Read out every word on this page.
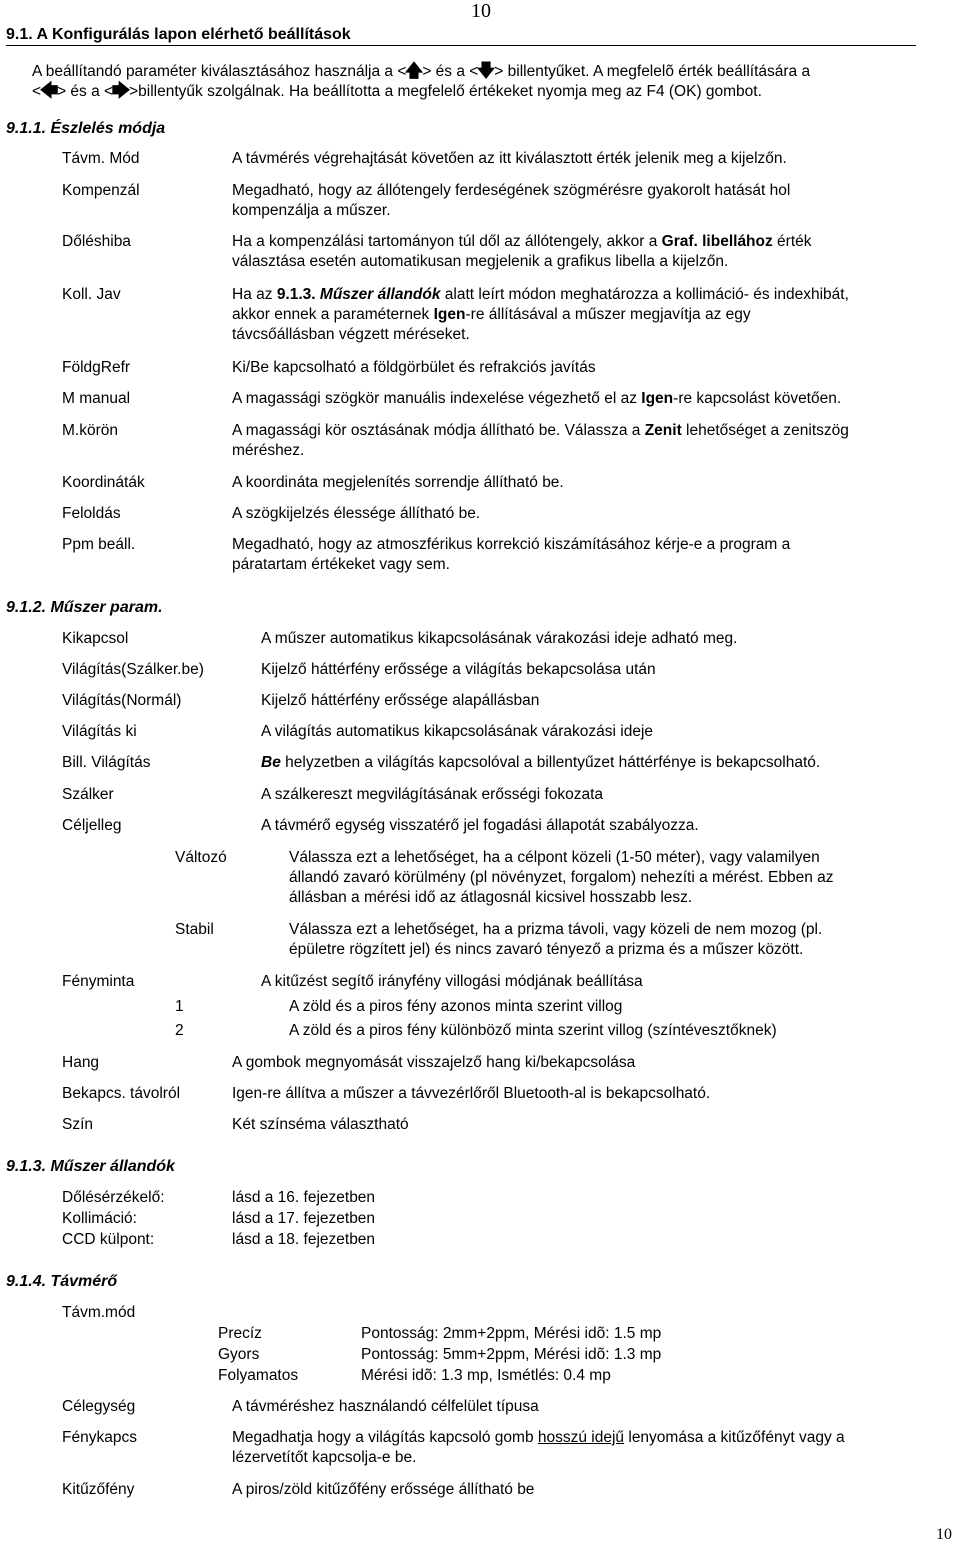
10
9.1. A Konfigurálás lapon elérhető beállítások
A beállítandó paraméter kiválasztásához használja a <🡅> és a <🡇> billentyűket. A megfelelõ érték beállítására a
<🡄> és a <🡆>billentyűk szolgálnak. Ha beállította a megfelelő értékeket nyomja meg az F4 (OK) gombot.
9.1.1. Észlelés módja
Távm. Mód	A távmérés végrehajtását követően az itt kiválasztott érték jelenik meg a kijelzőn.
Kompenzál	Megadható, hogy az állótengely ferdeségének szögmérésre gyakorolt hatását hol
kompenzálja a műszer.
Dőléshiba	Ha a kompenzálási tartományon túl dől az állótengely, akkor a Graf. libellához érték
választása esetén automatikusan megjelenik a grafikus libella a kijelzőn.
Koll. Jav	Ha az 9.1.3. Műszer állandók alatt leírt módon meghatározza a kollimáció- és indexhibát,
akkor ennek a paraméternek Igen-re állításával a műszer megjavítja az egy
távcsőállásban végzett méréseket.
FöldgRefr	Ki/Be kapcsolható a földgörbület és refrakciós javítás
M manual	A magassági szögkör manuális indexelése végezhető el az Igen-re kapcsolást követően.
M.körön	A magassági kör osztásának módja állítható be. Válassza a Zenit lehetőséget a zenitszög
méréshez.
Koordináták	A koordináta megjelenítés sorrendje állítható be.
Feloldás	A szögkijelzés élessége állítható be.
Ppm beáll.	Megadható, hogy az atmoszférikus korrekció kiszámításához kérje-e a program a
páratartam értékeket vagy sem.
9.1.2. Műszer param.
Kikapcsol	A műszer automatikus kikapcsolásának várakozási ideje adható meg.
Világítás(Szálker.be)	Kijelző háttérfény erőssége a világítás bekapcsolása után
Világítás(Normál)	Kijelző háttérfény erőssége alapállásban
Világítás ki	A világítás automatikus kikapcsolásának várakozási ideje
Bill. Világítás	Be helyzetben a világítás kapcsolóval a billentyűzet háttérfénye is bekapcsolható.
Szálker	A szálkereszt megvilágításának erősségi fokozata
Céljelleg	A távmérő egység visszatérő jel fogadási állapotát szabályozza.
Változó	Válassza ezt a lehetőséget, ha a célpont közeli (1-50 méter), vagy valamilyen
állandó zavaró körülmény (pl növényzet, forgalom) nehezíti a mérést. Ebben az
állásban a mérési idő az átlagosnál kicsivel hosszabb lesz.
Stabil	Válassza ezt a lehetőséget, ha a prizma távoli, vagy közeli de nem mozog (pl.
épületre rögzített jel) és nincs zavaró tényező a prizma és a műszer között.
Fényminta	A kitűzést segítő irányfény villogási módjának beállítása
1	A zöld és a piros fény azonos minta szerint villog
2	A zöld és a piros fény különböző minta szerint villog (színtévesztőknek)
Hang	A gombok megnyomását visszajelző hang ki/bekapcsolása
Bekapcs. távolról	Igen-re állítva a műszer a távvezérlőről Bluetooth-al is bekapcsolható.
Szín	Két színséma választható
9.1.3. Műszer állandók
Dőlésérzékelő:	lásd a 16. fejezetben
Kollimáció:	lásd a 17. fejezetben
CCD külpont:	lásd a 18. fejezetben
9.1.4. Távmérő
Távm.mód
Precíz	Pontosság: 2mm+2ppm, Mérési idõ: 1.5 mp
Gyors	Pontosság: 5mm+2ppm, Mérési idõ: 1.3 mp
Folyamatos	Mérési idõ: 1.3 mp, Ismétlés: 0.4 mp
Célegység	A távméréshez használandó célfelület típusa
Fénykapcs	Megadhatja hogy a világítás kapcsoló gomb hosszú idejű lenyomása a kitűzőfényt vagy a
lézervetítőt kapcsolja-e be.
Kitűzőfény	A piros/zöld kitűzőfény erőssége állítható be
10
